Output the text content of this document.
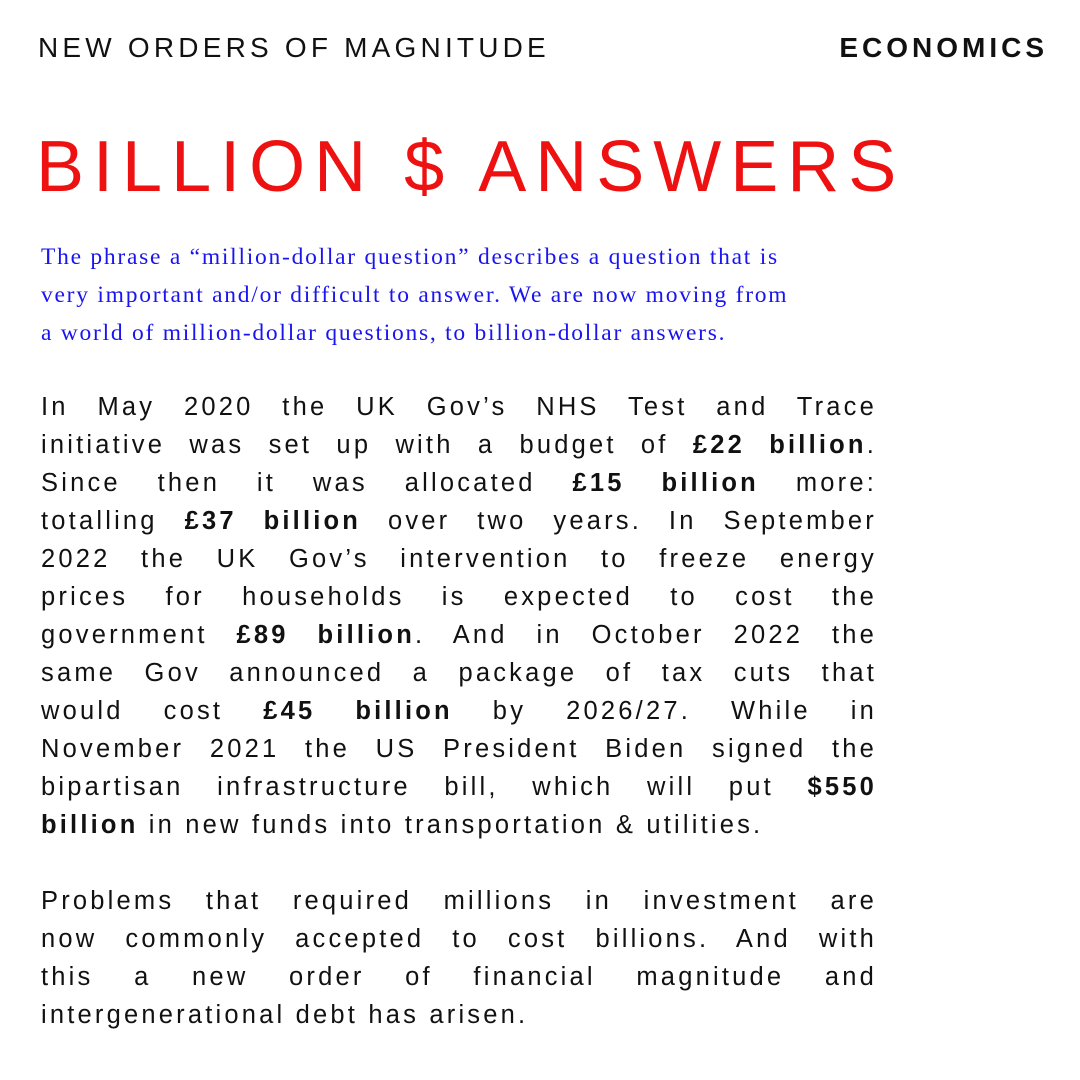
NEW ORDERS OF MAGNITUDE	ECONOMICS
BILLION $ ANSWERS

The phrase a “million-dollar question” describes a question that is
very important and/or difficult to answer. We are now moving from
a world of million-dollar questions, to billion-dollar answers.

In May 2020 the UK Gov’s NHS Test and Trace
initiative was set up with a budget of £22 billion.
Since then it was allocated £15 billion more:
totalling £37 billion over two years. In September
2022 the UK Gov’s intervention to freeze energy
prices for households is expected to cost the
government £89 billion. And in October 2022 the
same Gov announced a package of tax cuts that
would cost £45 billion by 2026/27. While in
November 2021 the US President Biden signed the
bipartisan infrastructure bill, which will put $550
billion in new funds into transportation & utilities.

Problems that required millions in investment are
now commonly accepted to cost billions. And with
this a new order of financial magnitude and
intergenerational debt has arisen.
